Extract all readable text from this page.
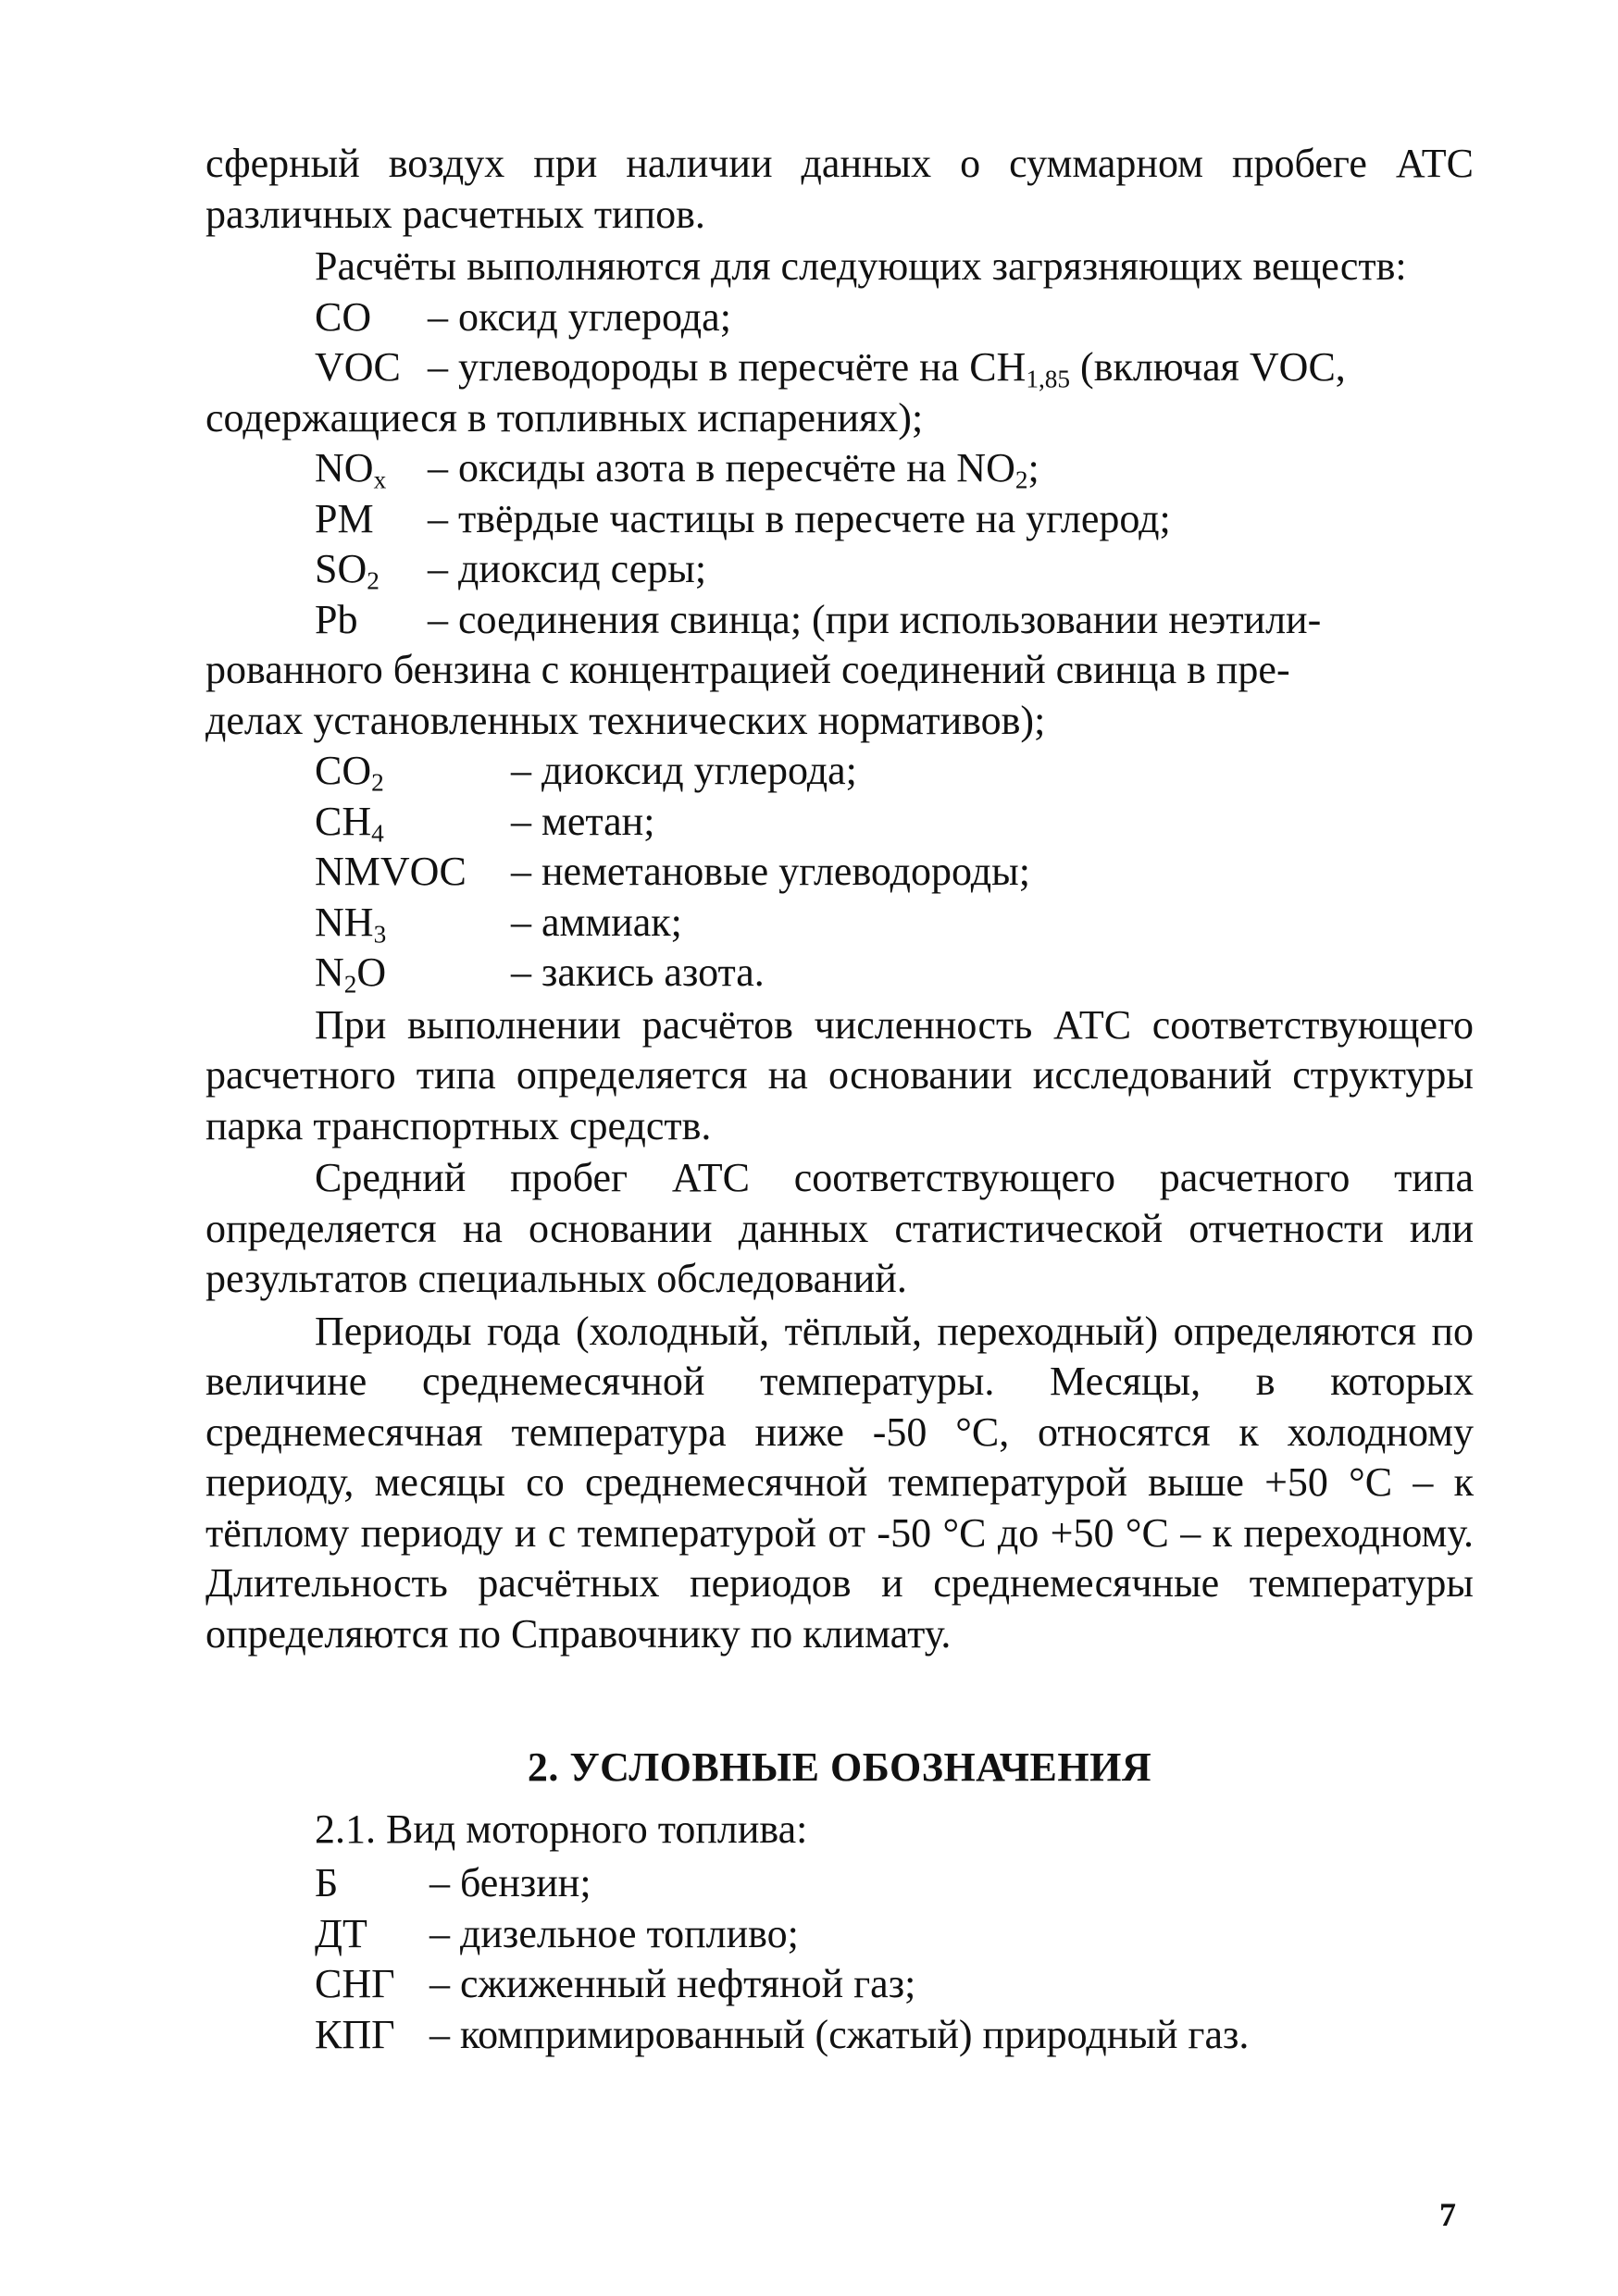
сферный воздух при наличии данных о суммарном пробеге АТС различных расчетных типов.

Расчёты выполняются для следующих загрязняющих веществ:

CO	– оксид углерода;
VOC – углеводороды в пересчёте на $CH_{1,85}$ (включая VOC,
содержащиеся в топливных испарениях);
$NO_x$	– оксиды азота в пересчёте на $NO_2$;
PM	– твёрдые частицы в пересчете на углерод;
$SO_2$	– диоксид серы;
Pb	– соединения свинца; (при использовании неэтили-
рованного бензина с концентрацией соединений свинца в пре-
делах установленных технических нормативов);
$CO_2$	– диоксид углерода;
$CH_4$	– метан;
NMVOC	– неметановые углеводороды;
$NH_3$	– аммиак;
$N_2O$	– закись азота.

При выполнении расчётов численность АТС соответствующего расчетного типа определяется на основании исследований структуры парка транспортных средств.

Средний пробег АТС соответствующего расчетного типа определяется на основании данных статистической отчетности или результатов специальных обследований.

Периоды года (холодный, тёплый, переходный) определяются по величине среднемесячной температуры. Месяцы, в которых среднемесячная температура ниже -50 °С, относятся к холодному периоду, месяцы со среднемесячной температурой выше +50 °С – к тёплому периоду и с температурой от -50 °С до +50 °С – к переходному. Длительность расчётных периодов и среднемесячные температуры определяются по Справочнику по климату.

2. УСЛОВНЫЕ ОБОЗНАЧЕНИЯ
2.1. Вид моторного топлива:
Б	– бензин;
ДТ	– дизельное топливо;
СНГ – сжиженный нефтяной газ;
КПГ – компримированный (сжатый) природный газ.
7
